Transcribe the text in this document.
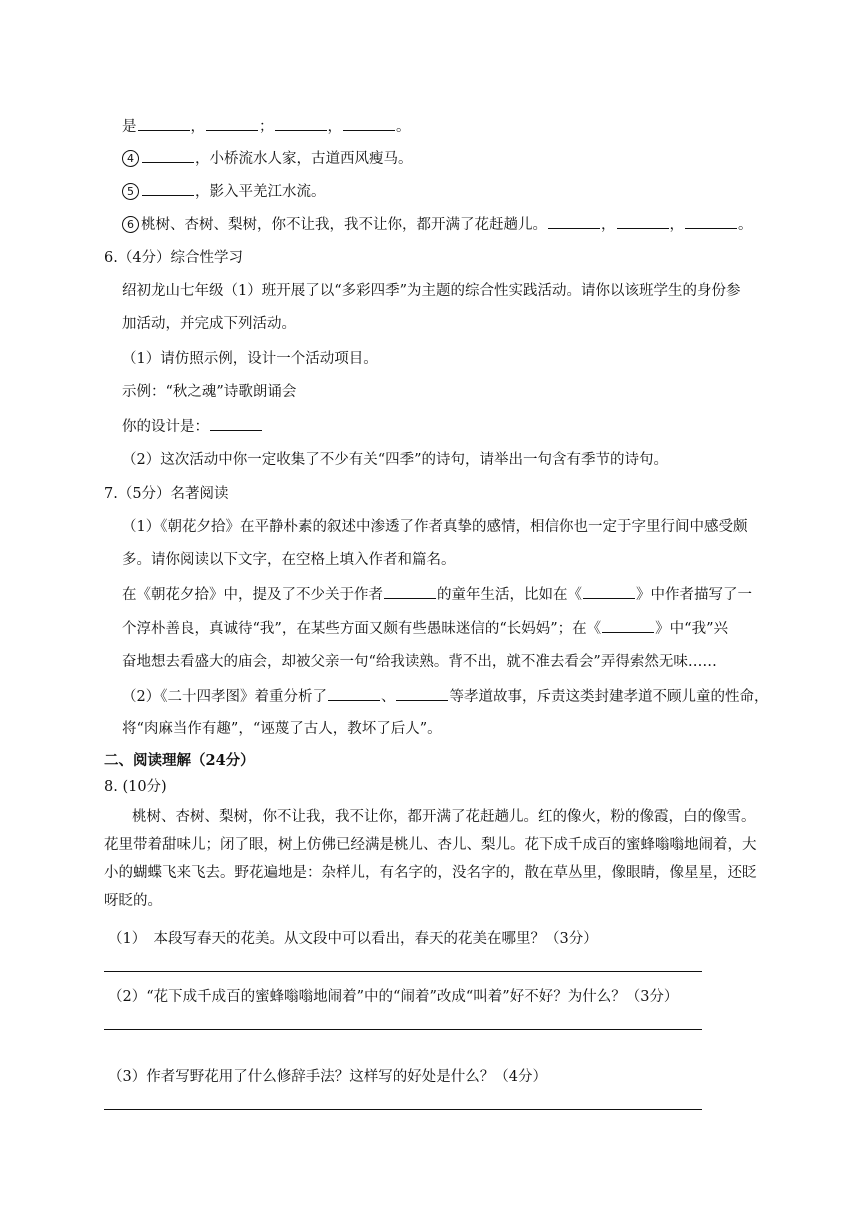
是	，	；	，	。
4	，小桥流水人家，古道西风瘦马。
5	，影入平羌江水流。
6 桃树、杏树、梨树，你不让我，我不让你，都开满了花赶趟儿。	，	，	。
6.（4分）综合性学习
绍初龙山七年级（1）班开展了以“多彩四季”为主题的综合性实践活动。请你以该班学生的身份参
加活动，并完成下列活动。
（1）请仿照示例，设计一个活动项目。
示例：“秋之魂”诗歌朗诵会
你的设计是：
（2）这次活动中你一定收集了不少有关“四季”的诗句，请举出一句含有季节的诗句。
7.（5分）名著阅读
（1）《朝花夕拾》在平静朴素的叙述中渗透了作者真挚的感情，相信你也一定于字里行间中感受颇
多。请你阅读以下文字，在空格上填入作者和篇名。
在《朝花夕拾》中，提及了不少关于作者	的童年生活，比如在《	》中作者描写了一
个淳朴善良，真诚待“我”，在某些方面又颇有些愚昧迷信的“长妈妈”；在《	》中“我”兴
奋地想去看盛大的庙会，却被父亲一句“给我读熟。背不出，就不准去看会”弄得索然无味……
（2）《二十四孝图》着重分析了	、	等孝道故事，斥责这类封建孝道不顾儿童的性命，
将“肉麻当作有趣”，“诬蔑了古人，教坏了后人”。
二、阅读理解（24分）
8. (10分)
桃树、杏树、梨树，你不让我，我不让你，都开满了花赶趟儿。红的像火，粉的像霞，白的像雪。
花里带着甜味儿；闭了眼，树上仿佛已经满是桃儿、杏儿、梨儿。花下成千成百的蜜蜂嗡嗡地闹着，大
小的蝴蝶飞来飞去。野花遍地是：杂样儿，有名字的，没名字的，散在草丛里，像眼睛，像星星，还眨
呀眨的。
（1）　本段写春天的花美。从文段中可以看出，春天的花美在哪里？（3分）
（2）“花下成千成百的蜜蜂嗡嗡地闹着”中的“闹着”改成“叫着”好不好？为什么？（3分）
（3）作者写野花用了什么修辞手法？这样写的好处是什么？（4分）
